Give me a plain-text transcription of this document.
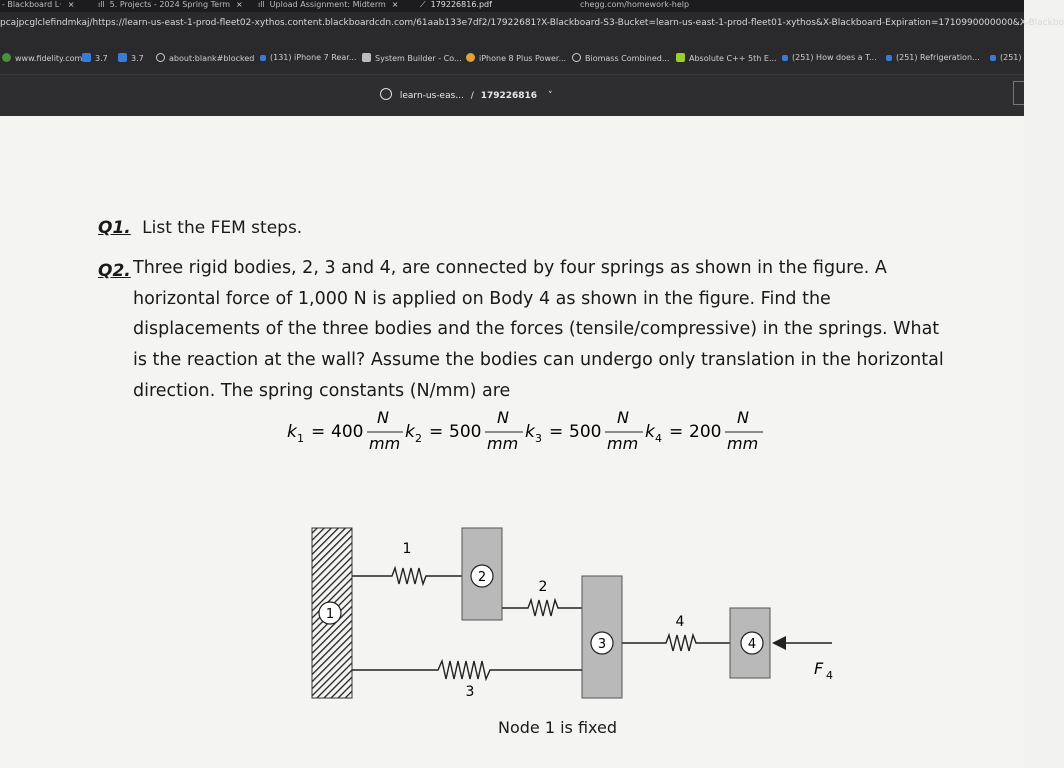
- Blackboard L· ×	ıll 5. Projects - 2024 Spring Term × ıll Upload Assignment: Midterm ×	⟋ 179226816.pdf	chegg.com/homework-help
pcajpcglclefindmkaj/https://learn-us-east-1-prod-fleet02-xythos.content.blackboardcdn.com/61aab133e7df2/17922681?X-Blackboard-S3-Bucket=learn-us-east-1-prod-fleet01-xythos&X-Blackboard-Expiration=1710990000000&X-Blackbo
www.fidelity.com	3.7	3.7	about:blank#blocked	(131) iPhone 7 Rear...	System Builder - Co...	iPhone 8 Plus Power...	Biomass Combined...	Absolute C++ 5th E...	(251) How does a T...	(251) Refrigeration...	(251)
learn-us-eas... / 179226816 ˅
Q1. List the FEM steps.
Q2. Three rigid bodies, 2, 3 and 4, are connected by four springs as shown in the figure. A
horizontal force of 1,000 N is applied on Body 4 as shown in the figure. Find the
displacements of the three bodies and the forces (tensile/compressive) in the springs. What
is the reaction at the wall? Assume the bodies can undergo only translation in the horizontal
direction. The spring constants (N/mm) are
k 1 = 400
N
mm
k 2 = 500
N
mm
k 3 = 500
N
mm
k 4 = 200
N
mm
1
1
2
2
3
3
4
4
F 4
Node 1 is fixed
